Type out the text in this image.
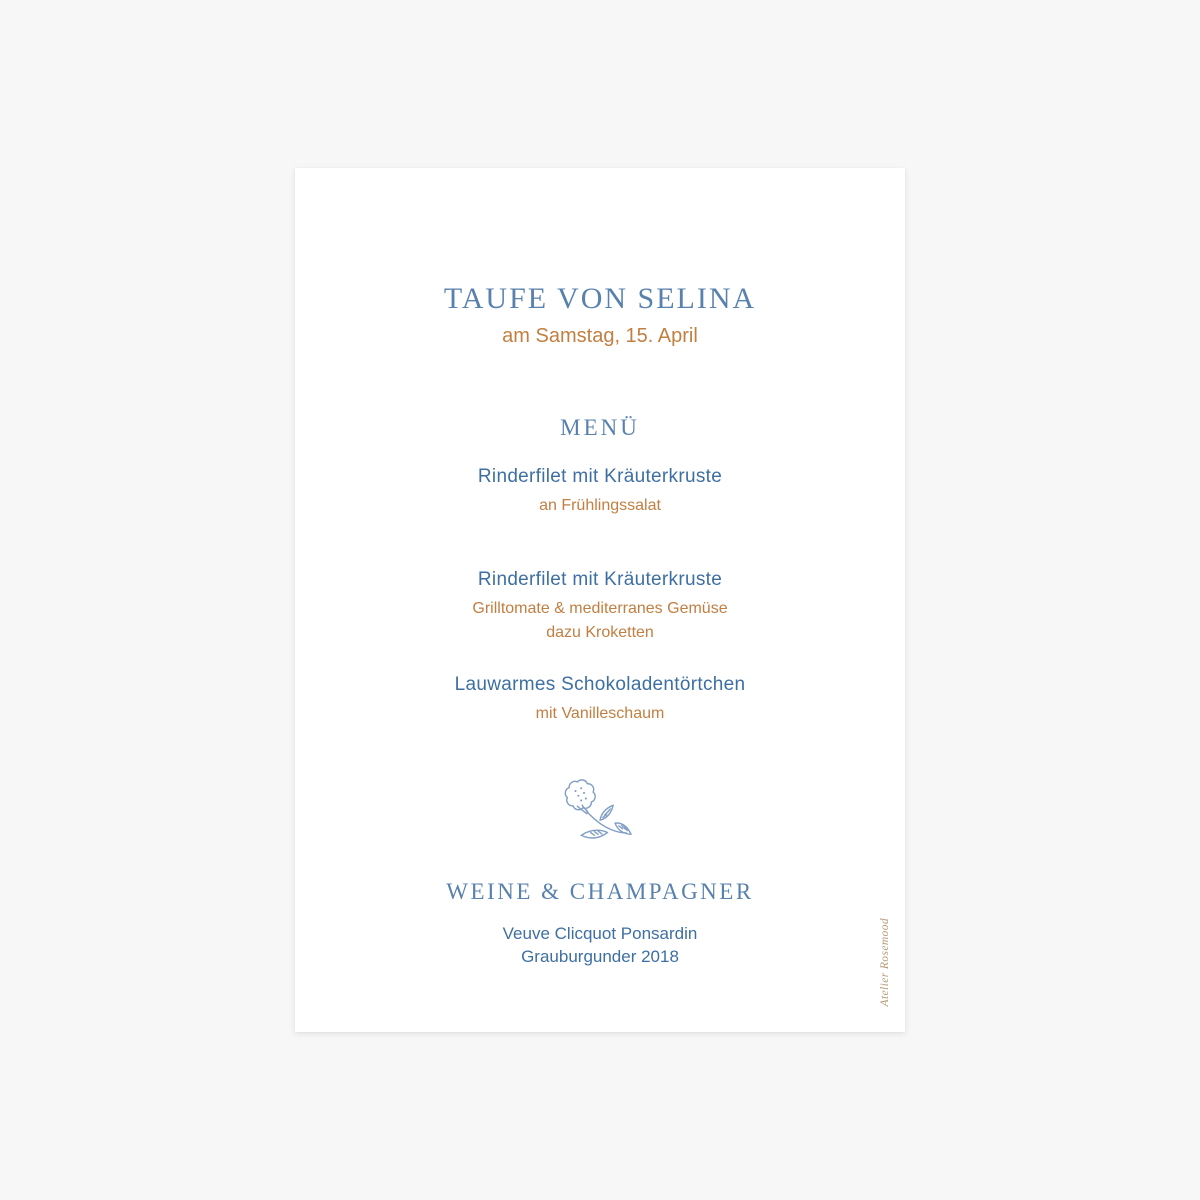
TAUFE VON SELINA
am Samstag, 15. April
MENÜ
Rinderfilet mit Kräuterkruste
an Frühlingssalat
Rinderfilet mit Kräuterkruste
Grilltomate & mediterranes Gemüse
dazu Kroketten
Lauwarmes Schokoladentörtchen
mit Vanilleschaum
WEINE & CHAMPAGNER
Veuve Clicquot Ponsardin
Grauburgunder 2018	Atelier Rosemood
